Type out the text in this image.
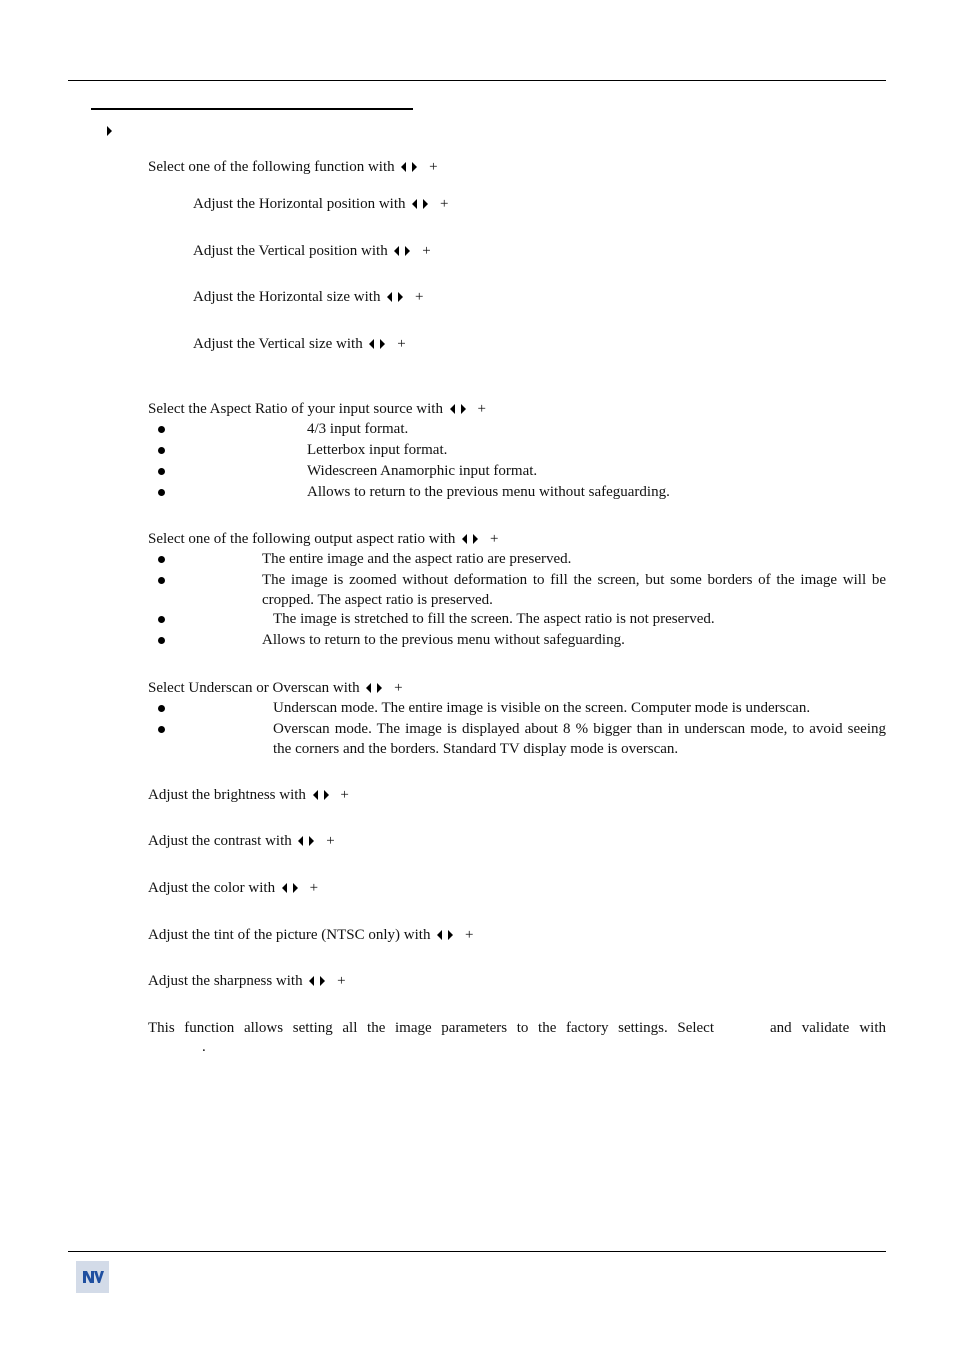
Select one of the following function with +
Adjust the Horizontal position with +
Adjust the Vertical position with +
Adjust the Horizontal size with +
Adjust the Vertical size with +
Select the Aspect Ratio of your input source with +
4/3 input format.
Letterbox input format.
Widescreen Anamorphic input format.
Allows to return to the previous menu without safeguarding.
Select one of the following output aspect ratio with +
The entire image and the aspect ratio are preserved.
The image is zoomed without deformation to fill the screen, but some borders of the image will be cropped. The aspect ratio is preserved.
The image is stretched to fill the screen. The aspect ratio is not preserved.
Allows to return to the previous menu without safeguarding.
Select Underscan or Overscan with +
Underscan mode. The entire image is visible on the screen. Computer mode is underscan.
Overscan mode. The image is displayed about 8 % bigger than in underscan mode, to avoid seeing the corners and the borders. Standard TV display mode is overscan.
Adjust the brightness with +
Adjust the contrast with +
Adjust the color with +
Adjust the tint of the picture (NTSC only) with +
Adjust the sharpness with +
This function allows setting all the image parameters to the factory settings. Select	and validate with
.
